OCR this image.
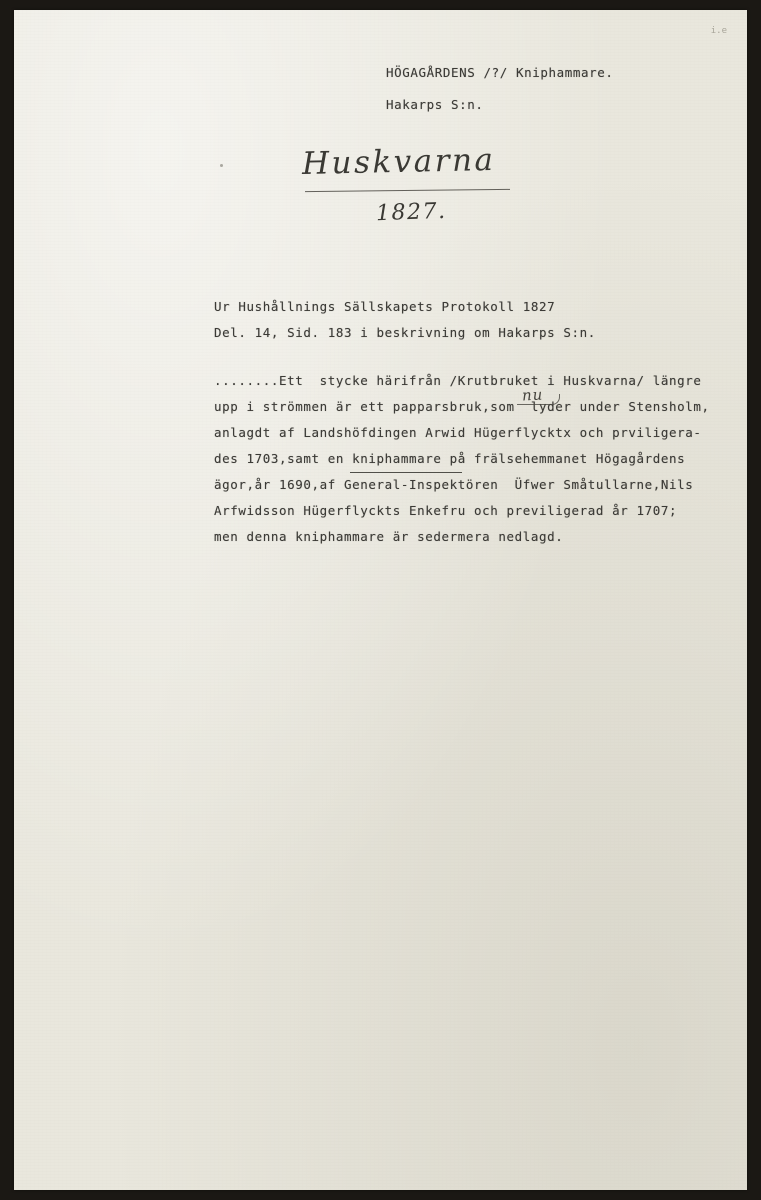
i.e
HÖGAGÅRDENS /?/ Kniphammare.
Hakarps S:n.
Huskvarna
1827.
Ur Hushållnings Sällskapets Protokoll 1827
Del. 14, Sid. 183 i beskrivning om Hakarps S:n.
........Ett  stycke härifrån /Krutbruket i Huskvarna/ längre
upp i strömmen är ett papparsbruk,som  lyder under Stensholm,
anlagdt af Landshöfdingen Arwid Hügerflycktx och prviligera-
des 1703,samt en kniphammare på frälsehemmanet Högagårdens
ägor,år 1690,af General-Inspektören  Üfwer Småtullarne,Nils
Arfwidsson Hügerflyckts Enkefru och previligerad år 1707;
men denna kniphammare är sedermera nedlagd.
nu
